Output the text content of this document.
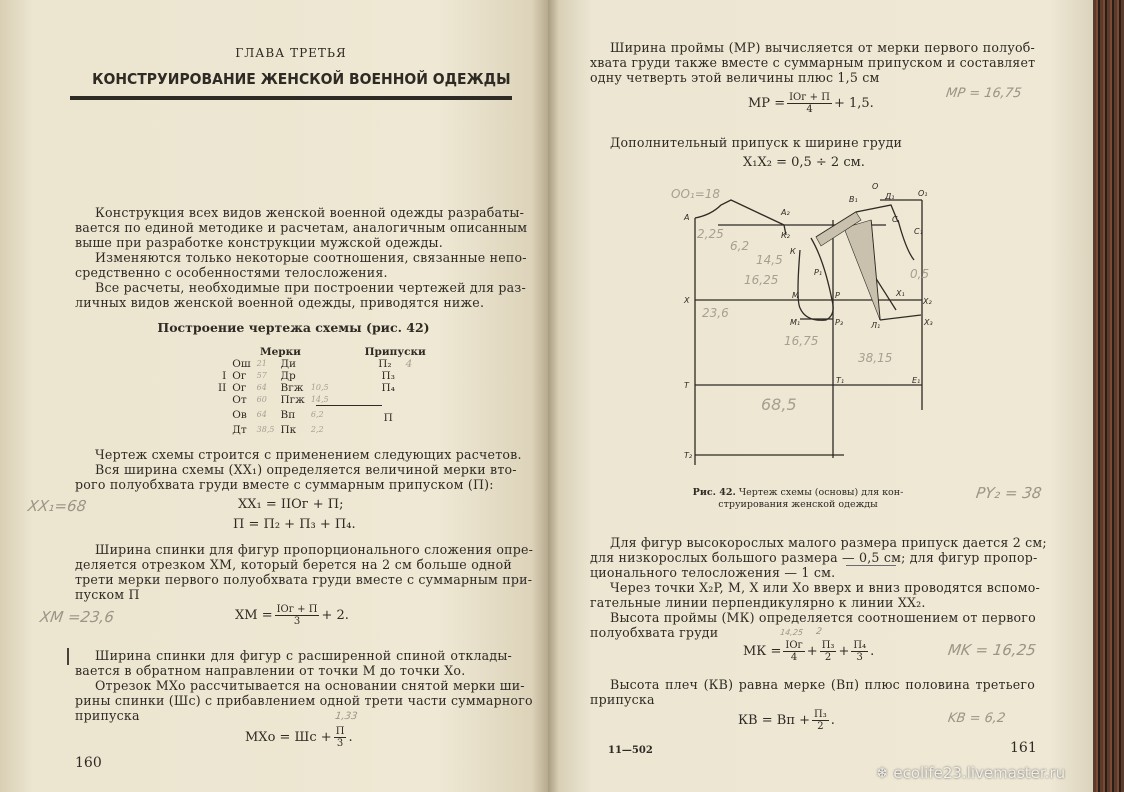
ГЛАВА ТРЕТЬЯ
КОНСТРУИРОВАНИЕ ЖЕНСКОЙ ВОЕННОЙ ОДЕЖДЫ
Конструкция всех видов женской военной одежды разрабаты-
вается по единой методике и расчетам, аналогичным описанным
выше при разработке конструкции мужской одежды.
Изменяются только некоторые соотношения, связанные непо-
средственно с особенностями телосложения.
Все расчеты, необходимые при построении чертежей для раз-
личных видов женской военной одежды, приводятся ниже.
Построение чертежа схемы (рис. 42)
	Мерки					Припуски
	Ош	21	Ди			П₂ 4
I	Ог	57	Др			П₃
II	Ог	64	Вгж	10,5		П₄
	От	60	Пгж	14,5		
	Ов	64	Вп	6,2		П
	Дт	38,5	Пк	2,2		
Чертеж схемы строится с применением следующих расчетов.
Вся ширина схемы (XX₁) определяется величиной мерки вто-
рого полуобхвата груди вместе с суммарным припуском (П):
XX₁ = IIОг + П;
П = П₂ + П₃ + П₄.
Ширина спинки для фигур пропорционального сложения опре-
деляется отрезком XM, который берется на 2 см больше одной
трети мерки первого полуобхвата груди вместе с суммарным при-
пуском П
XM = $\frac{\text{IОг + П}}{3} + 2$.
Ширина спинки для фигур с расширенной спиной отклады-
вается в обратном направлении от точки М до точки Хо.
Отрезок МХо рассчитывается на основании снятой мерки ши-
рины спинки (Шс) с прибавлением одной трети части суммарного
припуска
МХо = Шс + $\frac{П}{3}$ .
160
XX₁=68
XM =23,6
1,33
Ширина проймы (МР) вычисляется от мерки первого полуоб-
хвата груди также вместе с суммарным припуском и составляет
одну четверть этой величины плюс 1,5 см
MP = $\frac{\text{IОг + П}}{4} + 1,5$.
Дополнительный припуск к ширине груди
X₁X₂ = 0,5 ÷ 2 см.
А
Х
Т
Т₂
Т₁	Е₁
М
М₁
Р
Р₃
Р₁
Д₁
О
О₁
Х₁
Х₂
Х₃
Л₁
С
С₁
К
К₂
В₁
А₂
ОО₁=18
2,25
6,2
14,5
16,25
23,6
16,75
38,15
68,5
0,5
Рис. 42. Чертеж схемы (основы) для кон-
струирования женской одежды
Для фигур высокорослых малого размера припуск дается 2 см;
для низкорослых большого размера — 0,5 см; для фигур пропор-
ционального телосложения — 1 см.
Через точки X₂P, М, Х или Хо вверх и вниз проводятся вспомо-
гательные линии перпендикулярно к линии XX₂.
Высота проймы (МК) определяется соотношением от первого
полуобхвата груди
МК = $\frac{\text{IОг}}{4} + \frac{\text{П₃}}{2} + \frac{\text{П₄}}{3}$ .
Высота плеч (КВ) равна мерке (Вп) плюс половина третьего
припуска
КВ = Вп + $\frac{\text{П₃}}{2}$ .
11—502	161
MP = 16,75
PY₂ = 38
MK = 16,25
KB = 6,2
14,25 2
❄ ecolife23.livemaster.ru
